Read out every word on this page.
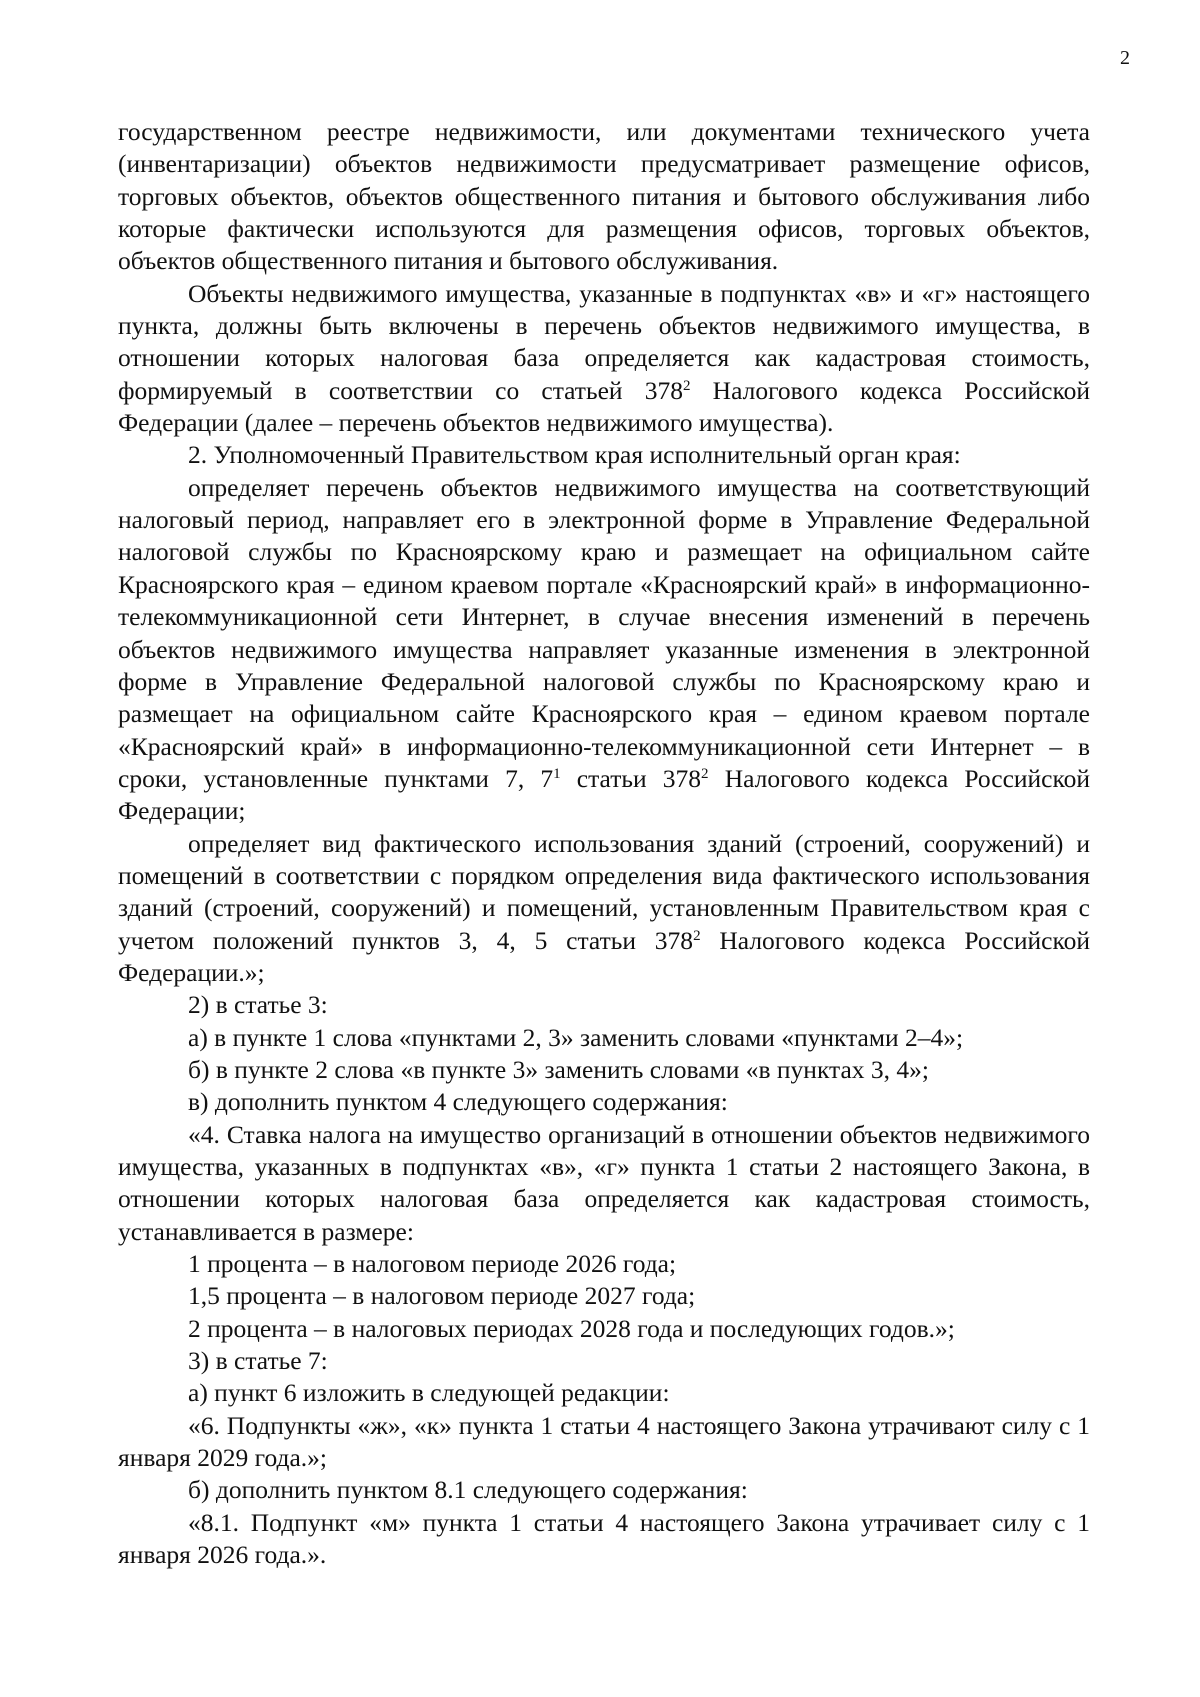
2

государственном реестре недвижимости, или документами технического учета (инвентаризации) объектов недвижимости предусматривает размещение офисов, торговых объектов, объектов общественного питания и бытового обслуживания либо которые фактически используются для размещения офисов, торговых объектов, объектов общественного питания и бытового обслуживания.

Объекты недвижимого имущества, указанные в подпунктах «в» и «г» настоящего пункта, должны быть включены в перечень объектов недвижимого имущества, в отношении которых налоговая база определяется как кадастровая стоимость, формируемый в соответствии со статьей $378^2$ Налогового кодекса Российской Федерации (далее – перечень объектов недвижимого имущества).

2. Уполномоченный Правительством края исполнительный орган края:

определяет перечень объектов недвижимого имущества на соответствующий налоговый период, направляет его в электронной форме в Управление Федеральной налоговой службы по Красноярскому краю и размещает на официальном сайте Красноярского края – едином краевом портале «Красноярский край» в информационно-телекоммуникационной сети Интернет, в случае внесения изменений в перечень объектов недвижимого имущества направляет указанные изменения в электронной форме в Управление Федеральной налоговой службы по Красноярскому краю и размещает на официальном сайте Красноярского края – едином краевом портале «Красноярский край» в информационно-телекоммуникационной сети Интернет – в сроки, установленные пунктами 7, $7^1$ статьи $378^2$ Налогового кодекса Российской Федерации;

определяет вид фактического использования зданий (строений, сооружений) и помещений в соответствии с порядком определения вида фактического использования зданий (строений, сооружений) и помещений, установленным Правительством края с учетом положений пунктов 3, 4, 5 статьи $378^2$ Налогового кодекса Российской Федерации.»;

2) в статье 3:

а) в пункте 1 слова «пунктами 2, 3» заменить словами «пунктами 2–4»;

б) в пункте 2 слова «в пункте 3» заменить словами «в пунктах 3, 4»;

в) дополнить пунктом 4 следующего содержания:

«4. Ставка налога на имущество организаций в отношении объектов недвижимого имущества, указанных в подпунктах «в», «г» пункта 1 статьи 2 настоящего Закона, в отношении которых налоговая база определяется как кадастровая стоимость, устанавливается в размере:

1 процента – в налоговом периоде 2026 года;

1,5 процента – в налоговом периоде 2027 года;

2 процента – в налоговых периодах 2028 года и последующих годов.»;

3) в статье 7:

а) пункт 6 изложить в следующей редакции:

«6. Подпункты «ж», «к» пункта 1 статьи 4 настоящего Закона утрачивают силу с 1 января 2029 года.»;

б) дополнить пунктом 8.1 следующего содержания:

«8.1. Подпункт «м» пункта 1 статьи 4 настоящего Закона утрачивает силу с 1 января 2026 года.».
